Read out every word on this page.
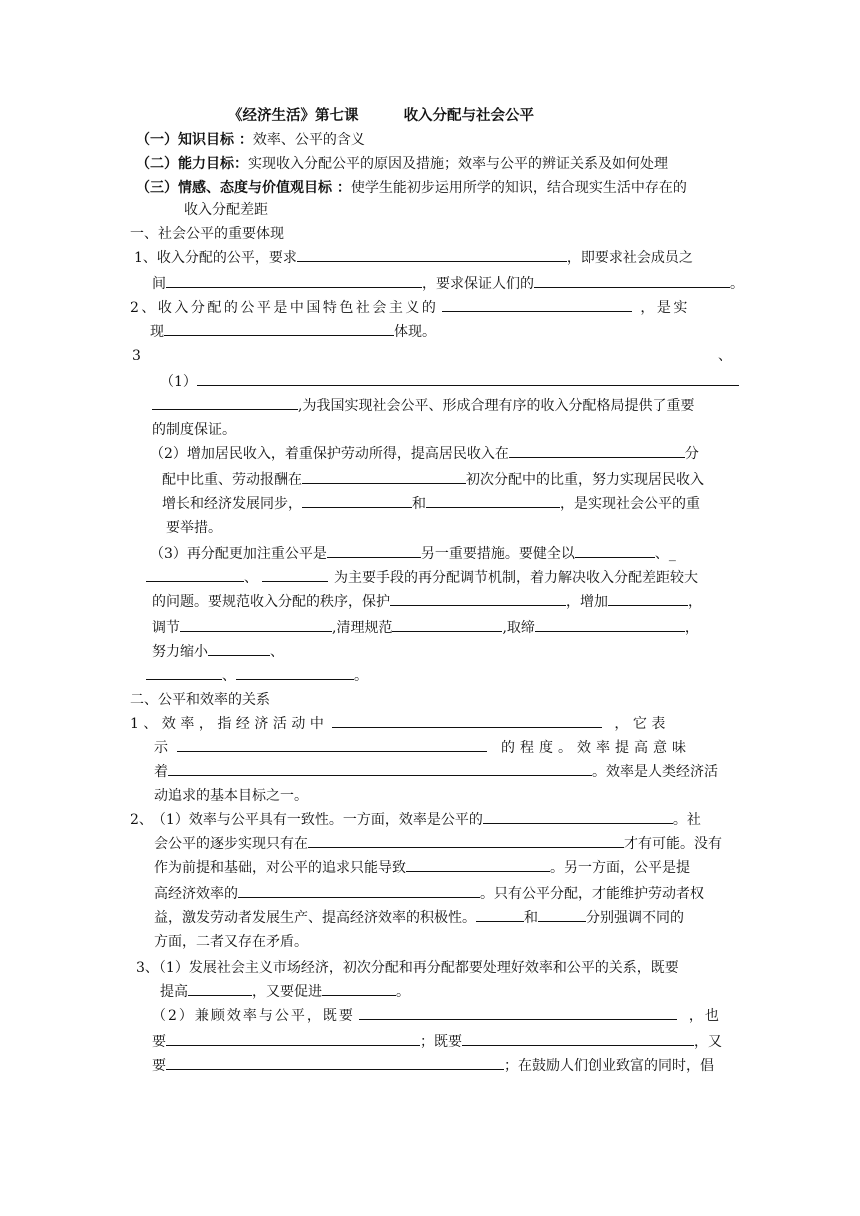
《经济生活》第七课	收入分配与社会公平
（一）知识目标 ：效率、公平的含义
（二）能力目标：实现收入分配公平的原因及措施；效率与公平的辨证关系及如何处理
（三）情感、态度与价值观目标 ：使学生能初步运用所学的知识，结合现实生活中存在的
收入分配差距
一、社会公平的重要体现
1、收入分配的公平，要求	，即要求社会成员之
间	，要求保证人们的	。
2、收入分配的公平是中国特色社会主义的	，是实
现	体现。
3	、
（1）
,为我国实现社会公平、形成合理有序的收入分配格局提供了重要
的制度保证。
（2）增加居民收入，着重保护劳动所得，提高居民收入在	分
配中比重、劳动报酬在	初次分配中的比重，努力实现居民收入
增长和经济发展同步，	和	，是实现社会公平的重
要举措。
（3）再分配更加注重公平是	另一重要措施。要健全以	、_
、	为主要手段的再分配调节机制，着力解决收入分配差距较大
的问题。要规范收入分配的秩序，保护	，增加	，
调节	,清理规范	,取缔	，
努力缩小	、
、	。
二、公平和效率的关系
1、效率，指经济活动中	，它表
示	的程度。效率提高意味
着	。效率是人类经济活
动追求的基本目标之一。
2、 （1）效率与公平具有一致性。一方面，效率是公平的	。社
会公平的逐步实现只有在	才有可能。没有
作为前提和基础，对公平的追求只能导致	。另一方面，公平是提
高经济效率的	。只有公平分配，才能维护劳动者权
益，激发劳动者发展生产、提高经济效率的积极性。	和	分别强调不同的
方面，二者又存在矛盾。
3、（1）发展社会主义市场经济，初次分配和再分配都要处理好效率和公平的关系，既要
提高	，又要促进	。
（2）兼顾效率与公平，既要	，也
要	；既要	，又
要	；在鼓励人们创业致富的同时，倡
